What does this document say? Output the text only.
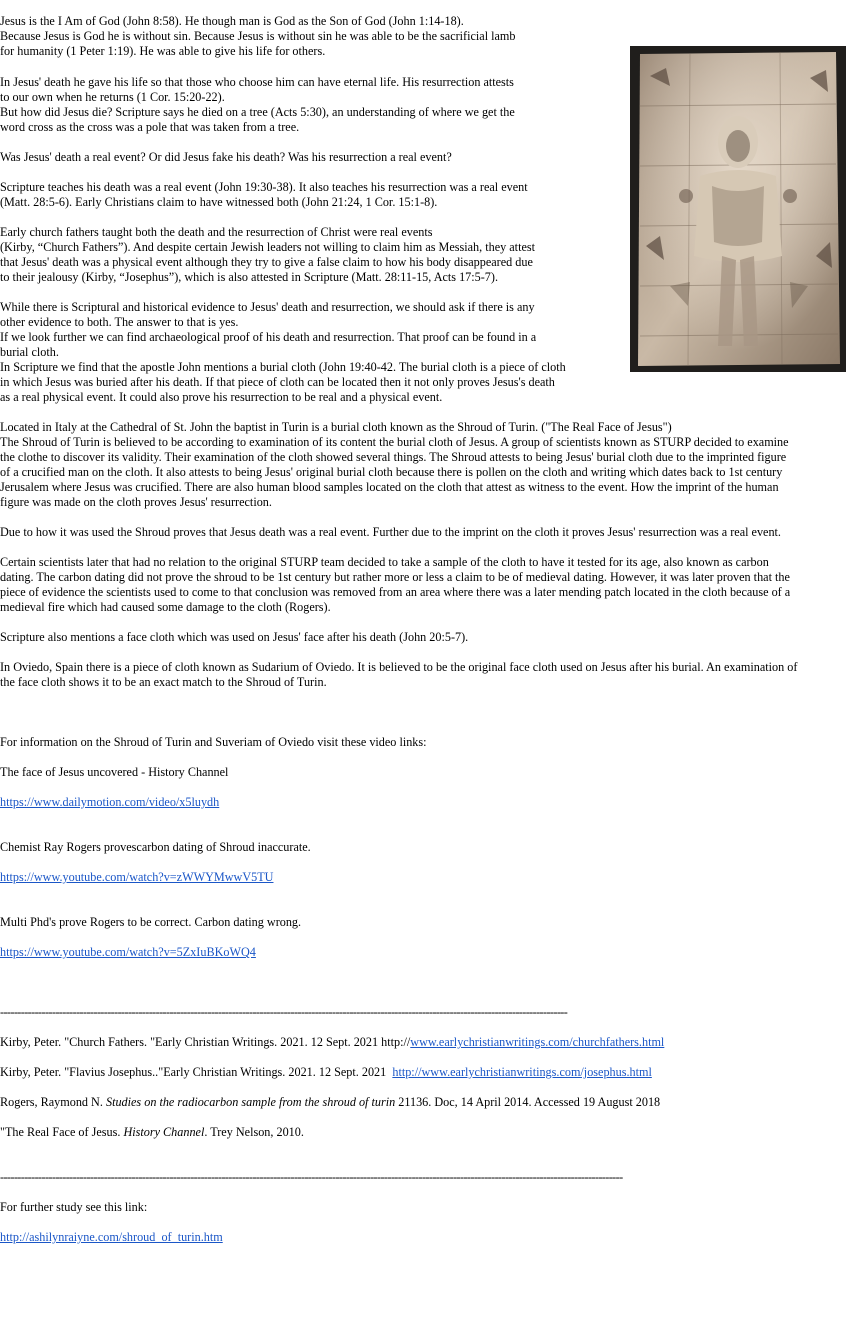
Jesus is the I Am of God (John 8:58). He though man is God as the Son of God (John 1:14-18).
Because Jesus is God he is without sin. Because Jesus is without sin he was able to be the sacrificial lamb
for humanity (1 Peter 1:19). He was able to give his life for others.
In Jesus' death he gave his life so that those who choose him can have eternal life. His resurrection attests
to our own when he returns (1 Cor. 15:20-22).
But how did Jesus die? Scripture says he died on a tree (Acts 5:30), an understanding of where we get the
word cross as the cross was a pole that was taken from a tree.
Was Jesus' death a real event? Or did Jesus fake his death? Was his resurrection a real event?
Scripture teaches his death was a real event (John 19:30-38). It also teaches his resurrection was a real event
(Matt. 28:5-6). Early Christians claim to have witnessed both (John 21:24, 1 Cor. 15:1-8).
Early church fathers taught both the death and the resurrection of Christ were real events
(Kirby, “Church Fathers”). And despite certain Jewish leaders not willing to claim him as Messiah, they attest
that Jesus' death was a physical event although they try to give a false claim to how his body disappeared due
to their jealousy (Kirby, “Josephus”), which is also attested in Scripture (Matt. 28:11-15, Acts 17:5-7).
While there is Scriptural and historical evidence to Jesus' death and resurrection, we should ask if there is any
other evidence to both. The answer to that is yes.
If we look further we can find archaeological proof of his death and resurrection. That proof can be found in a
burial cloth.
In Scripture we find that the apostle John mentions a burial cloth (John 19:40-42. The burial cloth is a piece of cloth
in which Jesus was buried after his death. If that piece of cloth can be located then it not only proves Jesus's death
as a real physical event. It could also prove his resurrection to be real and a physical event.
Located in Italy at the Cathedral of St. John the baptist in Turin is a burial cloth known as the Shroud of Turin. ("The Real Face of Jesus")
The Shroud of Turin is believed to be according to examination of its content the burial cloth of Jesus. A group of scientists known as STURP decided to examine
the clothe to discover its validity. Their examination of the cloth showed several things. The Shroud attests to being Jesus' burial cloth due to the imprinted figure
of a crucified man on the cloth. It also attests to being Jesus' original burial cloth because there is pollen on the cloth and writing which dates back to 1st century
Jerusalem where Jesus was crucified. There are also human blood samples located on the cloth that attest as witness to the event. How the imprint of the human
figure was made on the cloth proves Jesus' resurrection.
Due to how it was used the Shroud proves that Jesus death was a real event. Further due to the imprint on the cloth it proves Jesus' resurrection was a real event.
Certain scientists later that had no relation to the original STURP team decided to take a sample of the cloth to have it tested for its age, also known as carbon
dating. The carbon dating did not prove the shroud to be 1st century but rather more or less a claim to be of medieval dating. However, it was later proven that the
piece of evidence the scientists used to come to that conclusion was removed from an area where there was a later mending patch located in the cloth because of a
medieval fire which had caused some damage to the cloth (Rogers).
Scripture also mentions a face cloth which was used on Jesus' face after his death (John 20:5-7).
In Oviedo, Spain there is a piece of cloth known as Sudarium of Oviedo. It is believed to be the original face cloth used on Jesus after his burial. An examination of
the face cloth shows it to be an exact match to the Shroud of Turin.
For information on the Shroud of Turin and Suveriam of Oviedo visit these video links:
The face of Jesus uncovered - History Channel
https://www.dailymotion.com/video/x5luydh
Chemist Ray Rogers provescarbon dating of Shroud inaccurate.
https://www.youtube.com/watch?v=zWWYMwwV5TU
Multi Phd's prove Rogers to be correct. Carbon dating wrong.
https://www.youtube.com/watch?v=5ZxIuBKoWQ4
--------------------------------------------------------------------------------------------------------------------------------------------------------------------
Kirby, Peter. "Church Fathers. "Early Christian Writings. 2021. 12 Sept. 2021 http://www.earlychristianwritings.com/churchfathers.html
Kirby, Peter. "Flavius Josephus.."Early Christian Writings. 2021. 12 Sept. 2021  http://www.earlychristianwritings.com/josephus.html
Rogers, Raymond N. Studies on the radiocarbon sample from the shroud of turin 21136. Doc, 14 April 2014. Accessed 19 August 2018
"The Real Face of Jesus. History Channel. Trey Nelson, 2010.
------------------------------------------------------------------------------------------------------------------------------------------------------------------------------------
For further study see this link:
http://ashilynraiyne.com/shroud_of_turin.htm
